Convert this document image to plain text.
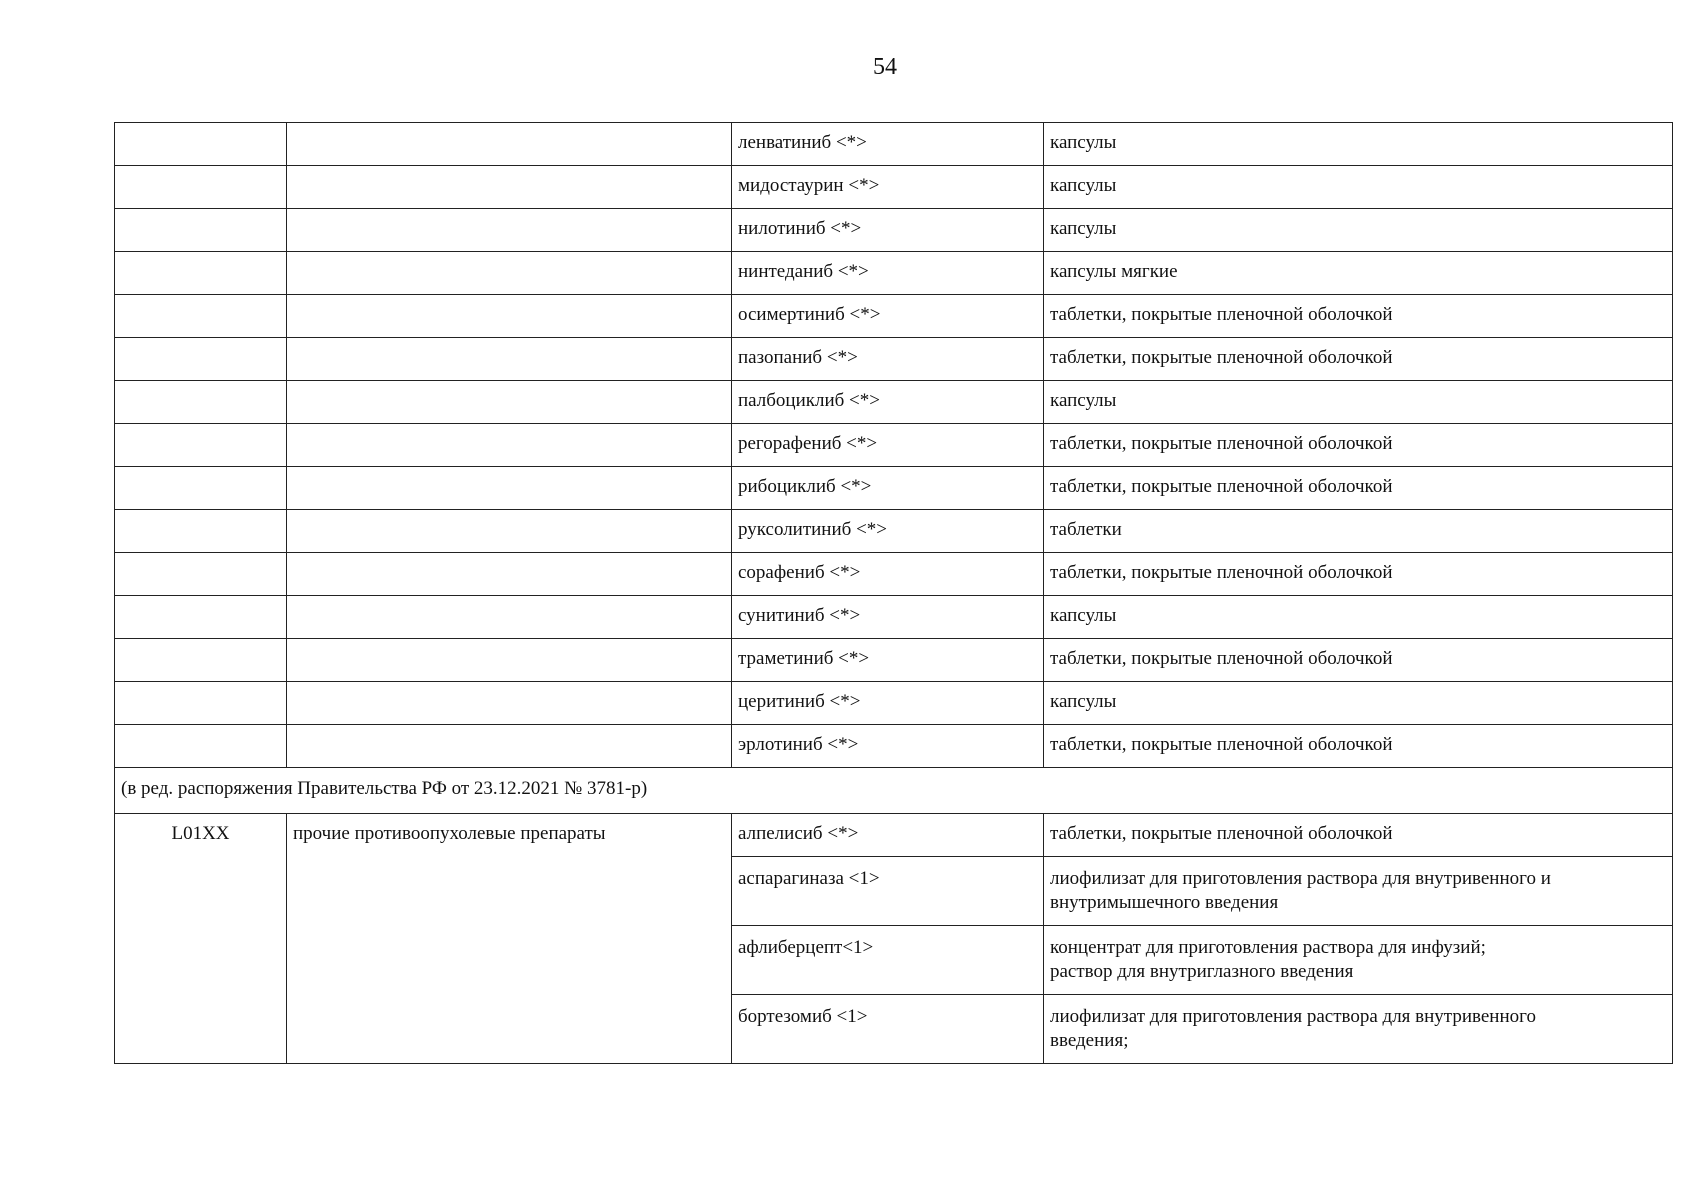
54
		ленватиниб <*>	капсулы
		мидостаурин <*>	капсулы
		нилотиниб <*>	капсулы
		нинтеданиб <*>	капсулы мягкие
		осимертиниб <*>	таблетки, покрытые пленочной оболочкой
		пазопаниб <*>	таблетки, покрытые пленочной оболочкой
		палбоциклиб <*>	капсулы
		регорафениб <*>	таблетки, покрытые пленочной оболочкой
		рибоциклиб <*>	таблетки, покрытые пленочной оболочкой
		руксолитиниб <*>	таблетки
		сорафениб <*>	таблетки, покрытые пленочной оболочкой
		сунитиниб <*>	капсулы
		траметиниб <*>	таблетки, покрытые пленочной оболочкой
		церитиниб <*>	капсулы
		эрлотиниб <*>	таблетки, покрытые пленочной оболочкой
(в ред. распоряжения Правительства РФ от 23.12.2021 № 3781-р)			
L01XX	прочие противоопухолевые препараты	алпелисиб <*>	таблетки, покрытые пленочной оболочкой
		аспарагиназа <1>	лиофилизат для приготовления раствора для внутривенного и
внутримышечного введения

		афлиберцепт<1>	концентрат для приготовления раствора для инфузий;
раствор для внутриглазного введения

		бортезомиб <1>	лиофилизат для приготовления раствора для внутривенного
введения;
